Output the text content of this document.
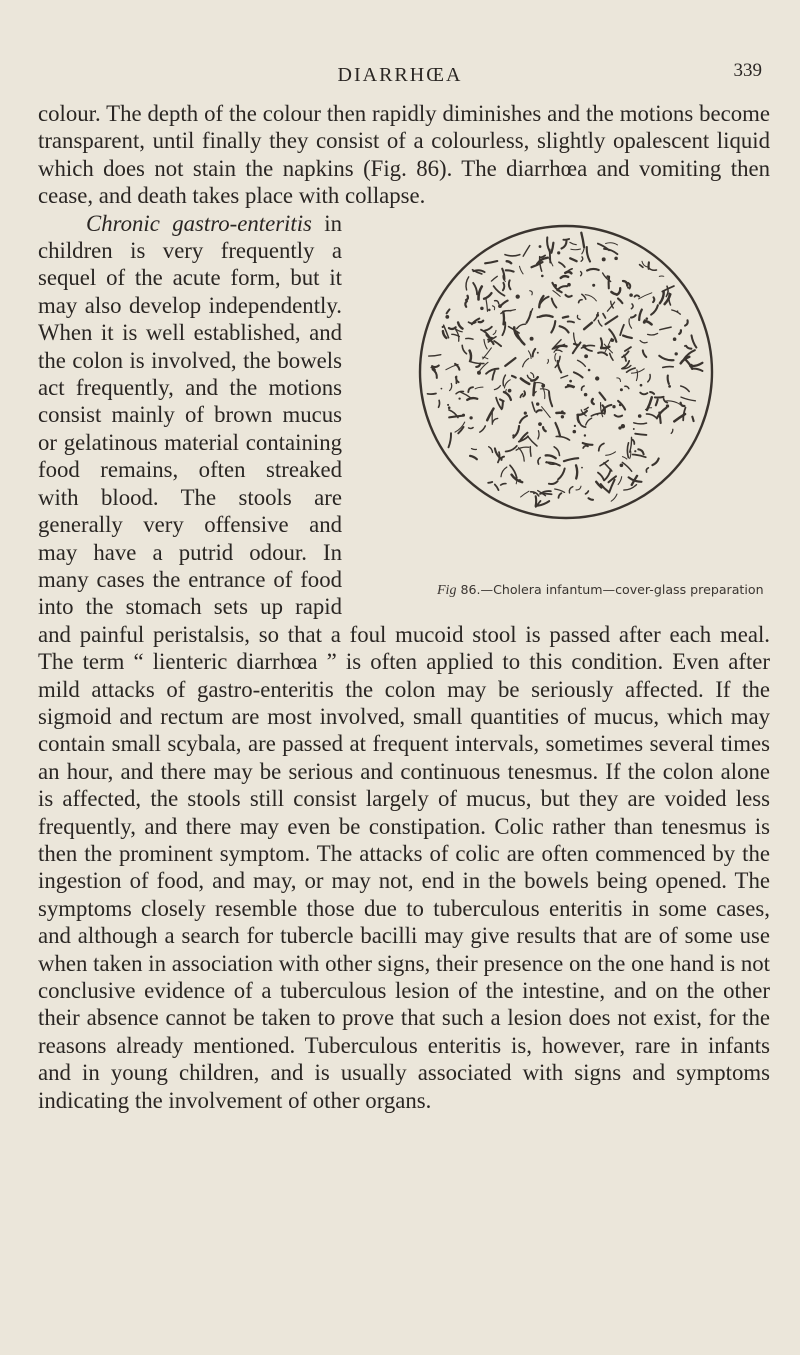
DIARRHŒA	339

colour. The depth of the colour then rapidly diminishes and the motions become transparent, until finally they consist of a colourless, slightly opalescent liquid which does not stain the napkins (Fig. 86). The diarrhœa and vomiting then cease, and death takes place with collapse.

Fig 86.—Cholera infantum—cover-glass preparation
Chronic gastro-enteritis in children is very frequently a sequel of the acute form, but it may also develop independently. When it is well established, and the colon is involved, the bowels act frequently, and the motions consist mainly of brown mucus or gelatinous material containing food remains, often streaked with blood. The stools are generally very offensive and may have a putrid odour. In many cases the entrance of food into the stomach sets up rapid and painful peristalsis, so that a foul mucoid stool is passed after each meal. The term “ lienteric diarrhœa ” is often applied to this condition. Even after mild attacks of gastro-enteritis the colon may be seriously affected. If the sigmoid and rectum are most involved, small quantities of mucus, which may contain small scybala, are passed at frequent intervals, sometimes several times an hour, and there may be serious and continuous tenesmus. If the colon alone is affected, the stools still consist largely of mucus, but they are voided less frequently, and there may even be constipation. Colic rather than tenesmus is then the prominent symptom. The attacks of colic are often commenced by the ingestion of food, and may, or may not, end in the bowels being opened. The symptoms closely resemble those due to tuberculous enteritis in some cases, and although a search for tubercle bacilli may give results that are of some use when taken in association with other signs, their presence on the one hand is not conclusive evidence of a tuberculous lesion of the intestine, and on the other their absence cannot be taken to prove that such a lesion does not exist, for the reasons already mentioned. Tuberculous enteritis is, however, rare in infants and in young children, and is usually associated with signs and symptoms indicating the involvement of other organs.
